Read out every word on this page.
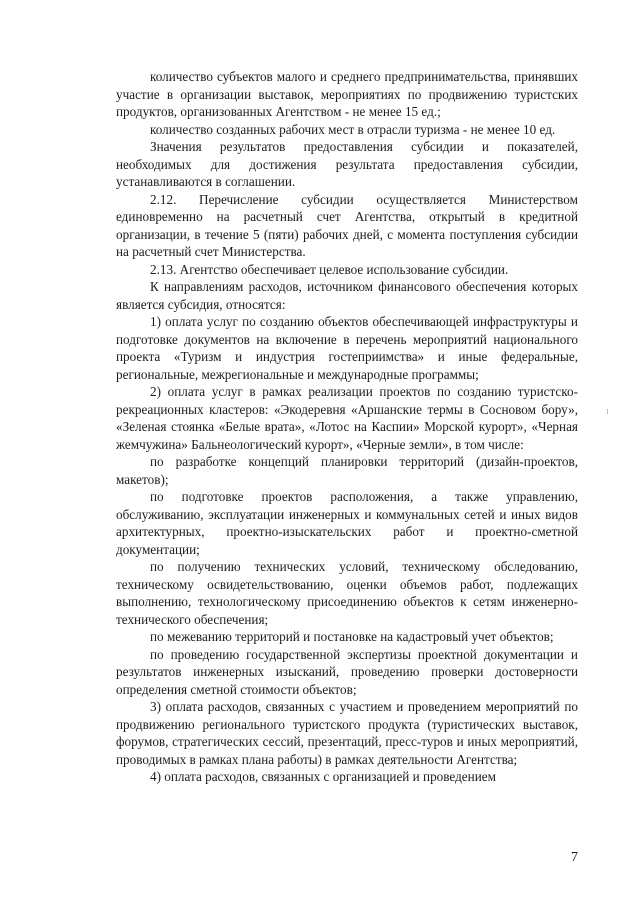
количество субъектов малого и среднего предпринимательства, принявших участие в организации выставок, мероприятиях по продвижению туристских продуктов, организованных Агентством - не менее 15 ед.;

количество созданных рабочих мест в отрасли туризма - не менее 10 ед.

Значения результатов предоставления субсидии и показателей, необходимых для достижения результата предоставления субсидии, устанавливаются в соглашении.

2.12. Перечисление субсидии осуществляется Министерством единовременно на расчетный счет Агентства, открытый в кредитной организации, в течение 5 (пяти) рабочих дней, с момента поступления субсидии на расчетный счет Министерства.

2.13. Агентство обеспечивает целевое использование субсидии.

К направлениям расходов, источником финансового обеспечения которых является субсидия, относятся:

1) оплата услуг по созданию объектов обеспечивающей инфраструктуры и подготовке документов на включение в перечень мероприятий национального проекта «Туризм и индустрия гостеприимства» и иные федеральные, региональные, межрегиональные и международные программы;

2) оплата услуг в рамках реализации проектов по созданию туристско-рекреационных кластеров: «Экодеревня «Аршанские термы в Сосновом бору», «Зеленая стоянка «Белые врата», «Лотос на Каспии» Морской курорт», «Черная жемчужина» Бальнеологический курорт», «Черные земли», в том числе:

по разработке концепций планировки территорий (дизайн-проектов, макетов);

по подготовке проектов расположения, а также управлению, обслуживанию, эксплуатации инженерных и коммунальных сетей и иных видов архитектурных, проектно-изыскательских работ и проектно-сметной документации;

по получению технических условий, техническому обследованию, техническому освидетельствованию, оценки объемов работ, подлежащих выполнению, технологическому присоединению объектов к сетям инженерно-технического обеспечения;

по межеванию территорий и постановке на кадастровый учет объектов;

по проведению государственной экспертизы проектной документации и результатов инженерных изысканий, проведению проверки достоверности определения сметной стоимости объектов;

3) оплата расходов, связанных с участием и проведением мероприятий по продвижению регионального туристского продукта (туристических выставок, форумов, стратегических сессий, презентаций, пресс-туров и иных мероприятий, проводимых в рамках плана работы) в рамках деятельности Агентства;

4) оплата расходов, связанных с организацией и проведением

7
